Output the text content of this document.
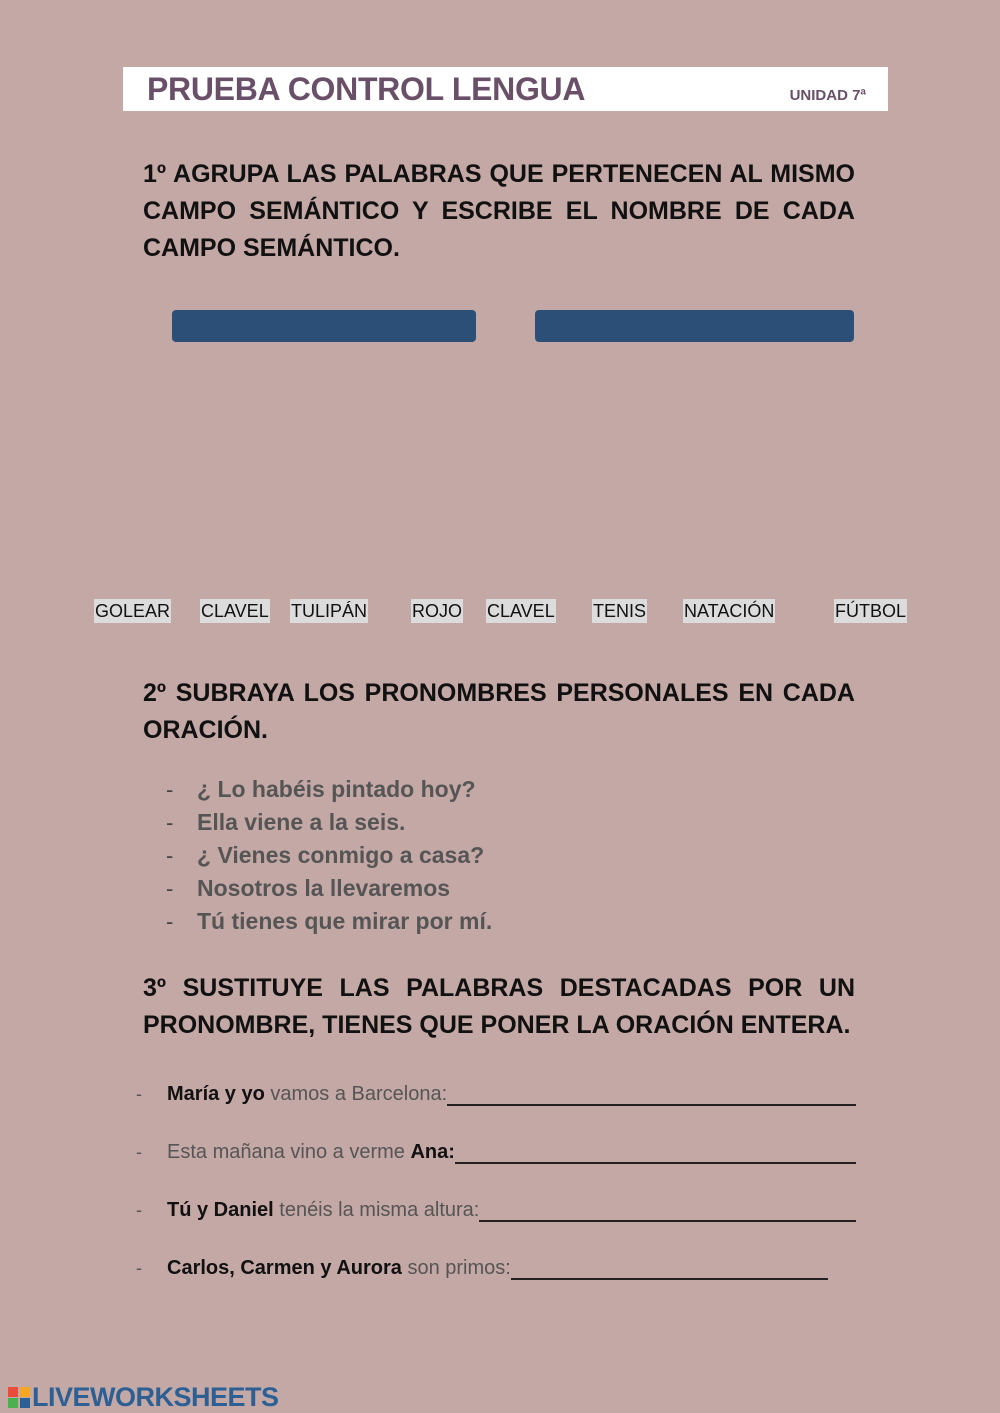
PRUEBA CONTROL LENGUA	UNIDAD 7ª
1º AGRUPA LAS PALABRAS QUE PERTENECEN AL MISMO CAMPO SEMÁNTICO Y ESCRIBE EL NOMBRE DE CADA CAMPO SEMÁNTICO.
GOLEAR CLAVEL TULIPÁN ROJO CLAVEL TENIS NATACIÓN	FÚTBOL
2º SUBRAYA LOS PRONOMBRES PERSONALES EN CADA ORACIÓN.
-	¿ Lo habéis pintado hoy?
-	Ella viene a la seis.
-	¿ Vienes conmigo a casa?
-	Nosotros la llevaremos
-	Tú tienes que mirar por mí.
3º SUSTITUYE LAS PALABRAS DESTACADAS POR UN PRONOMBRE, TIENES QUE PONER LA ORACIÓN ENTERA.
-	María y yo vamos a Barcelona:
-	Esta mañana vino a verme Ana :
-	Tú y Daniel tenéis la misma altura:
-	Carlos, Carmen y Aurora son primos:
LIVEWORKSHEETS
